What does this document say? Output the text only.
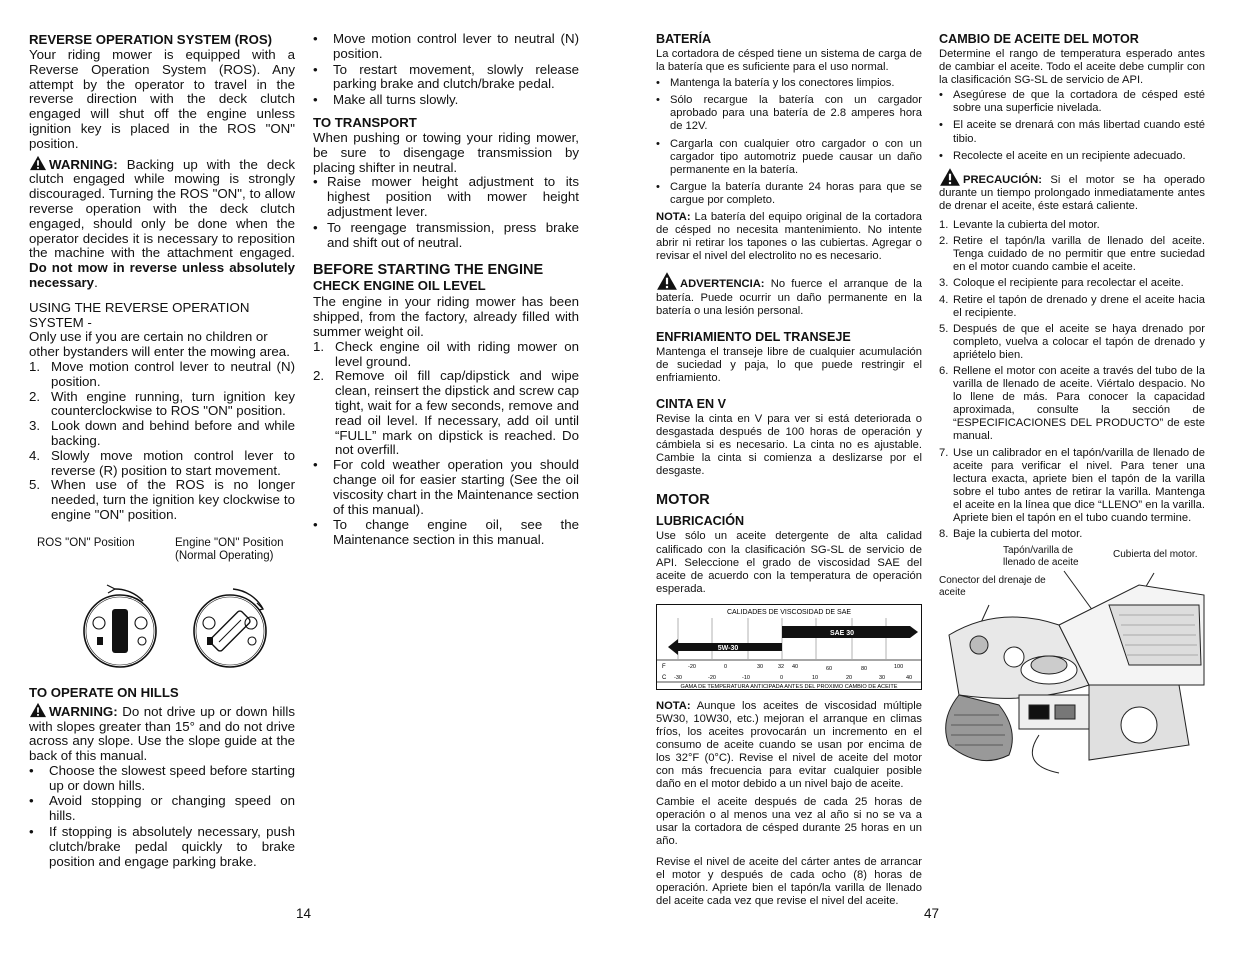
REVERSE OPERATION SYSTEM (ROS)

Your riding mower is equipped with a Reverse Operation System (ROS). Any attempt by the operator to travel in the reverse direction with the deck clutch engaged will shut off the engine unless ignition key is placed in the ROS "ON" position.

WARNING: Backing up with the deck clutch engaged while mowing is strongly discouraged. Turning the ROS "ON", to allow reverse operation with the deck clutch engaged, should only be done when the operator decides it is necessary to reposition the machine with the attachment engaged. Do not mow in reverse unless absolutely necessary.

USING THE REVERSE OPERATION SYSTEM -

Only use if you are certain no children or other bystanders will enter the mowing area.

1. Move motion control lever to neutral (N) position.
2. With engine running, turn ignition key counterclockwise to ROS "ON" position.
3. Look down and behind before and while backing.
4. Slowly move motion control lever to reverse (R) position to start movement.
5. When use of the ROS is no longer needed, turn the ignition key clockwise to engine "ON" position.
ROS "ON" Position	Engine "ON" Position (Normal Operating)
TO OPERATE ON HILLS

WARNING: Do not drive up or down hills with slopes greater than 15° and do not drive across any slope. Use the slope guide at the back of this manual.

• Choose the slowest speed before starting up or down hills.
• Avoid stopping or changing speed on hills.
• If stopping is absolutely necessary, push clutch/brake pedal quickly to brake position and engage parking brake.
• Move motion control lever to neutral (N) position.
• To restart movement, slowly release parking brake and clutch/brake pedal.
• Make all turns slowly.
TO TRANSPORT

When pushing or towing your riding mower, be sure to disengage transmission by placing shifter in neutral.

• Raise mower height adjustment to its highest position with mower height adjustment lever.
• To reengage transmission, press brake and shift out of neutral.
BEFORE STARTING THE ENGINE
CHECK ENGINE OIL LEVEL

The engine in your riding mower has been shipped, from the factory, already filled with summer weight oil.

1. Check engine oil with riding mower on level ground.
2. Remove oil fill cap/dipstick and wipe clean, reinsert the dipstick and screw cap tight, wait for a few seconds, remove and read oil level. If necessary, add oil until “FULL” mark on dipstick is reached. Do not overfill.
• For cold weather operation you should change oil for easier starting (See the oil viscosity chart in the Maintenance section of this manual).
• To change engine oil, see the Maintenance section in this manual.
14
BATERÍA

La cortadora de césped tiene un sistema de carga de la batería que es suficiente para el uso normal.

• Mantenga la batería y los conectores limpios.
• Sólo recargue la batería con un cargador aprobado para una batería de 2.8 amperes hora de 12V.
• Cargarla con cualquier otro cargador o con un cargador tipo automotriz puede causar un daño permanente en la batería.
• Cargue la batería durante 24 horas para que se cargue por completo.

NOTA: La batería del equipo original de la cortadora de césped no necesita mantenimiento. No intente abrir ni retirar los tapones o las cubiertas. Agregar o revisar el nivel del electrolito no es necesario.

ADVERTENCIA: No fuerce el arranque de la batería. Puede ocurrir un daño permanente en la batería o una lesión personal.

ENFRIAMIENTO DEL TRANSEJE

Mantenga el transeje libre de cualquier acumulación de suciedad y paja, lo que puede restringir el enfriamiento.

CINTA EN V

Revise la cinta en V para ver si está deteriorada o desgastada después de 100 horas de operación y cámbiela si es necesario. La cinta no es ajustable. Cambie la cinta si comienza a deslizarse por el desgaste.

MOTOR
LUBRICACIÓN

Use sólo un aceite detergente de alta calidad calificado con la clasificación SG-SL de servicio de API. Seleccione el grado de viscosidad SAE del aceite de acuerdo con la temperatura de operación esperada.

CALIDADES DE VISCOSIDAD DE SAE
5W-30
SAE 30
F	-20	0	30	32 40	60	80	100
C -30	-20	-10	0	10	20	30	40
GAMA DE TEMPERATURA ANTICIPADA ANTES DEL PROXIMO CAMBIO DE ACEITE

NOTA: Aunque los aceites de viscosidad múltiple 5W30, 10W30, etc.) mejoran el arranque en climas fríos, los aceites provocarán un incremento en el consumo de aceite cuando se usan por encima de los 32°F (0°C). Revise el nivel de aceite del motor con más frecuencia para evitar cualquier posible daño en el motor debido a un nivel bajo de aceite.

Cambie el aceite después de cada 25 horas de operación o al menos una vez al año si no se va a usar la cortadora de césped durante 25 horas en un año.

Revise el nivel de aceite del cárter antes de arrancar el motor y después de cada ocho (8) horas de operación. Apriete bien el tapón/la varilla de llenado del aceite cada vez que revise el nivel del aceite.

CAMBIO DE ACEITE DEL MOTOR

Determine el rango de temperatura esperado antes de cambiar el aceite. Todo el aceite debe cumplir con la clasificación SG-SL de servicio de API.

• Asegúrese de que la cortadora de césped esté sobre una superficie nivelada.
• El aceite se drenará con más libertad cuando esté tibio.
• Recolecte el aceite en un recipiente adecuado.

PRECAUCIÓN: Si el motor se ha operado durante un tiempo prolongado inmediatamente antes de drenar el aceite, éste estará caliente.

1. Levante la cubierta del motor.
2. Retire el tapón/la varilla de llenado del aceite. Tenga cuidado de no permitir que entre suciedad en el motor cuando cambie el aceite.
3. Coloque el recipiente para recolectar el aceite.
4. Retire el tapón de drenado y drene el aceite hacia el recipiente.
5. Después de que el aceite se haya drenado por completo, vuelva a colocar el tapón de drenado y apriételo bien.
6. Rellene el motor con aceite a través del tubo de la varilla de llenado de aceite. Viértalo despacio. No lo llene de más. Para conocer la capacidad aproximada, consulte la sección de “ESPECIFICACIONES DEL PRODUCTO” de este manual.
7. Use un calibrador en el tapón/varilla de llenado de aceite para verificar el nivel. Para tener una lectura exacta, apriete bien el tapón de la varilla sobre el tubo antes de retirar la varilla. Mantenga el aceite en la línea que dice “LLENO” en la varilla. Apriete bien el tapón en el tubo cuando termine.
8. Baje la cubierta del motor.
Tapón/varilla de llenado de aceite
Cubierta del motor.
Conector del drenaje de aceite
47
